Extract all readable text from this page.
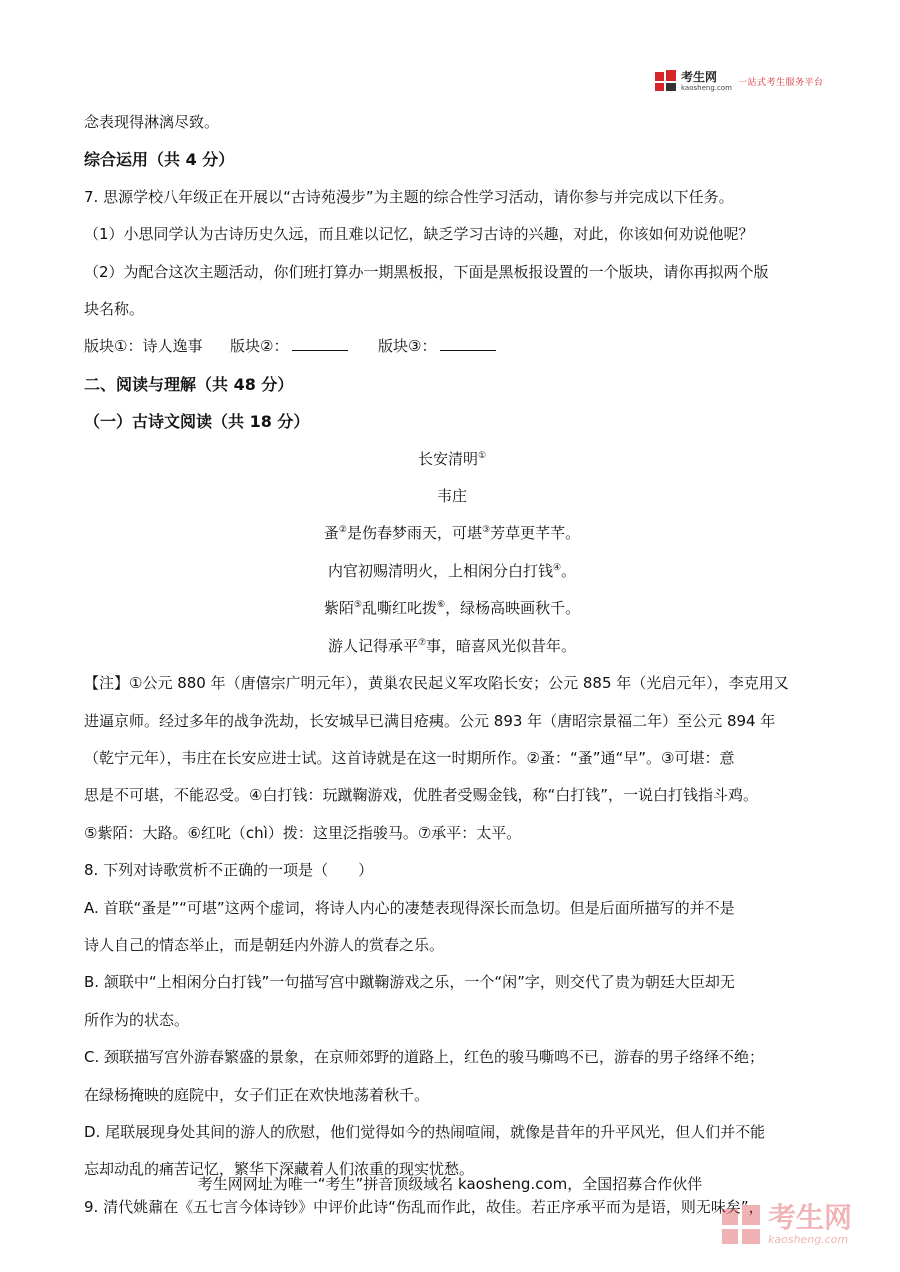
考生网
kaosheng.com 一站式考生服务平台

念表现得淋漓尽致。

综合运用（共 4 分）

7. 思源学校八年级正在开展以“古诗苑漫步”为主题的综合性学习活动，请你参与并完成以下任务。

（1）小思同学认为古诗历史久远，而且难以记忆，缺乏学习古诗的兴趣，对此，你该如何劝说他呢？

（2）为配合这次主题活动，你们班打算办一期黑板报，下面是黑板报设置的一个版块，请你再拟两个版

块名称。

版块①：诗人逸事 版块②：	版块③：

二、阅读与理解（共 48 分）

（一）古诗文阅读（共 18 分）

长安清明①

韦庄

蚤②是伤春梦雨天，可堪③芳草更芊芊。

内官初赐清明火，上相闲分白打钱④。

紫陌⑤乱嘶红叱拨⑥，绿杨高映画秋千。

游人记得承平⑦事，暗喜风光似昔年。

【注】①公元 880 年（唐僖宗广明元年），黄巢农民起义军攻陷长安；公元 885 年（光启元年），李克用又

进逼京师。经过多年的战争洗劫，长安城早已满目疮痍。公元 893 年（唐昭宗景福二年）至公元 894 年

（乾宁元年），韦庄在长安应进士试。这首诗就是在这一时期所作。②蚤：“蚤”通“早”。③可堪：意

思是不可堪，不能忍受。④白打钱：玩蹴鞠游戏，优胜者受赐金钱，称“白打钱”，一说白打钱指斗鸡。

⑤紫陌：大路。⑥红叱（chì）拨：这里泛指骏马。⑦承平：太平。

8. 下列对诗歌赏析不正确的一项是（　　）

A. 首联“蚤是”“可堪”这两个虚词，将诗人内心的凄楚表现得深长而急切。但是后面所描写的并不是

诗人自己的情态举止，而是朝廷内外游人的赏春之乐。

B. 颔联中“上相闲分白打钱”一句描写宫中蹴鞠游戏之乐，一个“闲”字，则交代了贵为朝廷大臣却无

所作为的状态。

C. 颈联描写宫外游春繁盛的景象，在京师郊野的道路上，红色的骏马嘶鸣不已，游春的男子络绎不绝；

在绿杨掩映的庭院中，女子们正在欢快地荡着秋千。

D. 尾联展现身处其间的游人的欣慰，他们觉得如今的热闹喧闹，就像是昔年的升平风光，但人们并不能

忘却动乱的痛苦记忆，繁华下深藏着人们浓重的现实忧愁。

9. 清代姚鼐在《五七言今体诗钞》中评价此诗“伤乱而作此，故佳。若正序承平而为是语，则无味矣”，

考生网网址为唯一“考生”拼音顶级域名 kaosheng.com，全国招募合作伙伴
考生网
kaosheng.com
